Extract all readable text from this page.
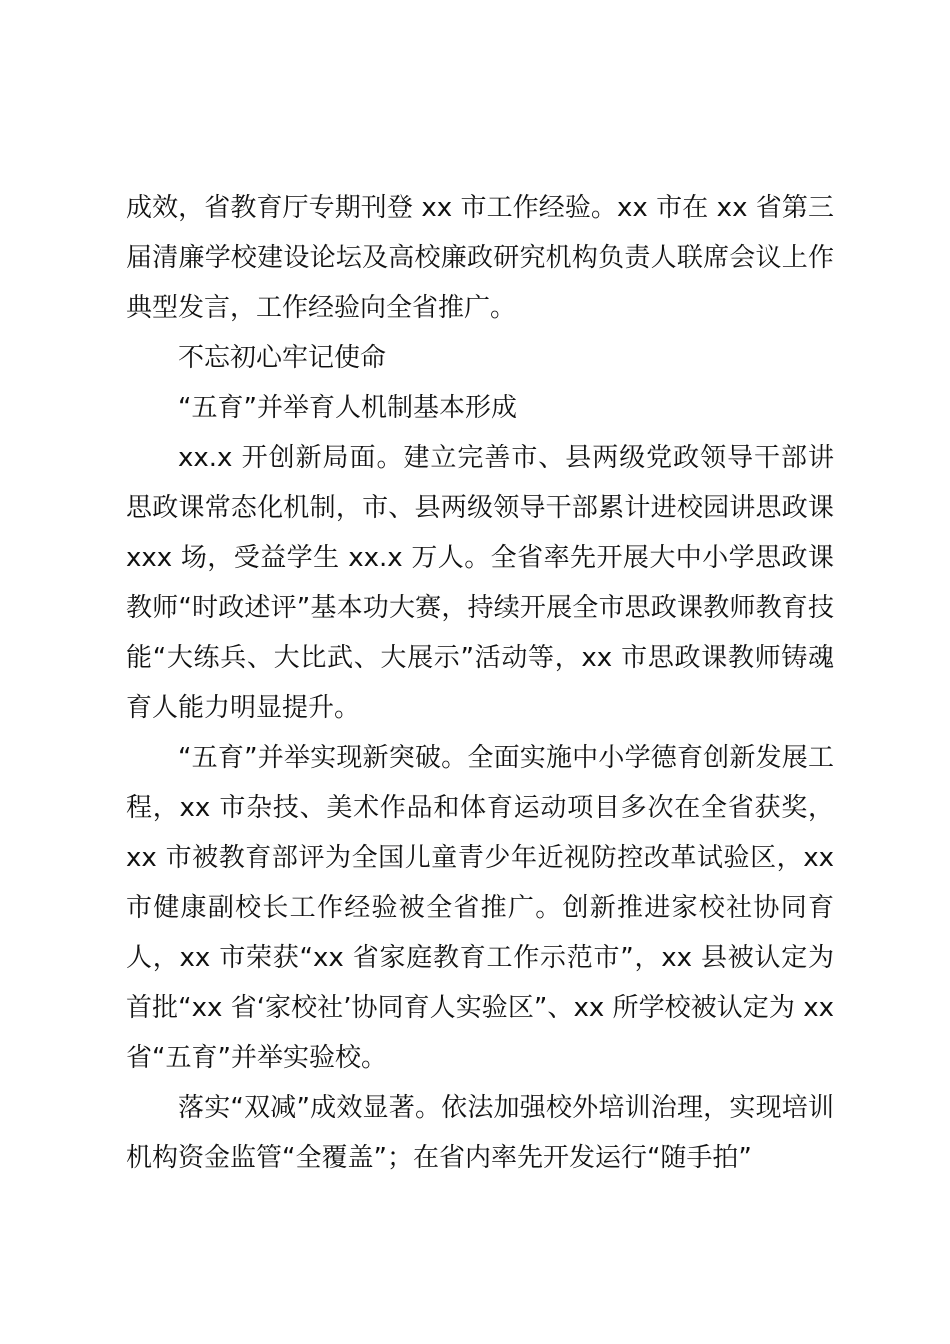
成效，省教育厅专期刊登 xx 市工作经验。xx 市在 xx 省第三届清廉学校建设论坛及高校廉政研究机构负责人联席会议上作典型发言，工作经验向全省推广。

不忘初心牢记使命

“五育”并举育人机制基本形成

xx.x 开创新局面。建立完善市、县两级党政领导干部讲思政课常态化机制，市、县两级领导干部累计进校园讲思政课 xxx 场，受益学生 xx.x 万人。全省率先开展大中小学思政课教师“时政述评”基本功大赛，持续开展全市思政课教师教育技能“大练兵、大比武、大展示”活动等，xx 市思政课教师铸魂育人能力明显提升。

“五育”并举实现新突破。全面实施中小学德育创新发展工程，xx 市杂技、美术作品和体育运动项目多次在全省获奖，xx 市被教育部评为全国儿童青少年近视防控改革试验区，xx 市健康副校长工作经验被全省推广。创新推进家校社协同育人，xx 市荣获“xx 省家庭教育工作示范市”，xx 县被认定为首批“xx 省‘家校社’协同育人实验区”、xx 所学校被认定为 xx 省“五育”并举实验校。

落实“双减”成效显著。依法加强校外培训治理，实现培训机构资金监管“全覆盖”；在省内率先开发运行“随手拍”
